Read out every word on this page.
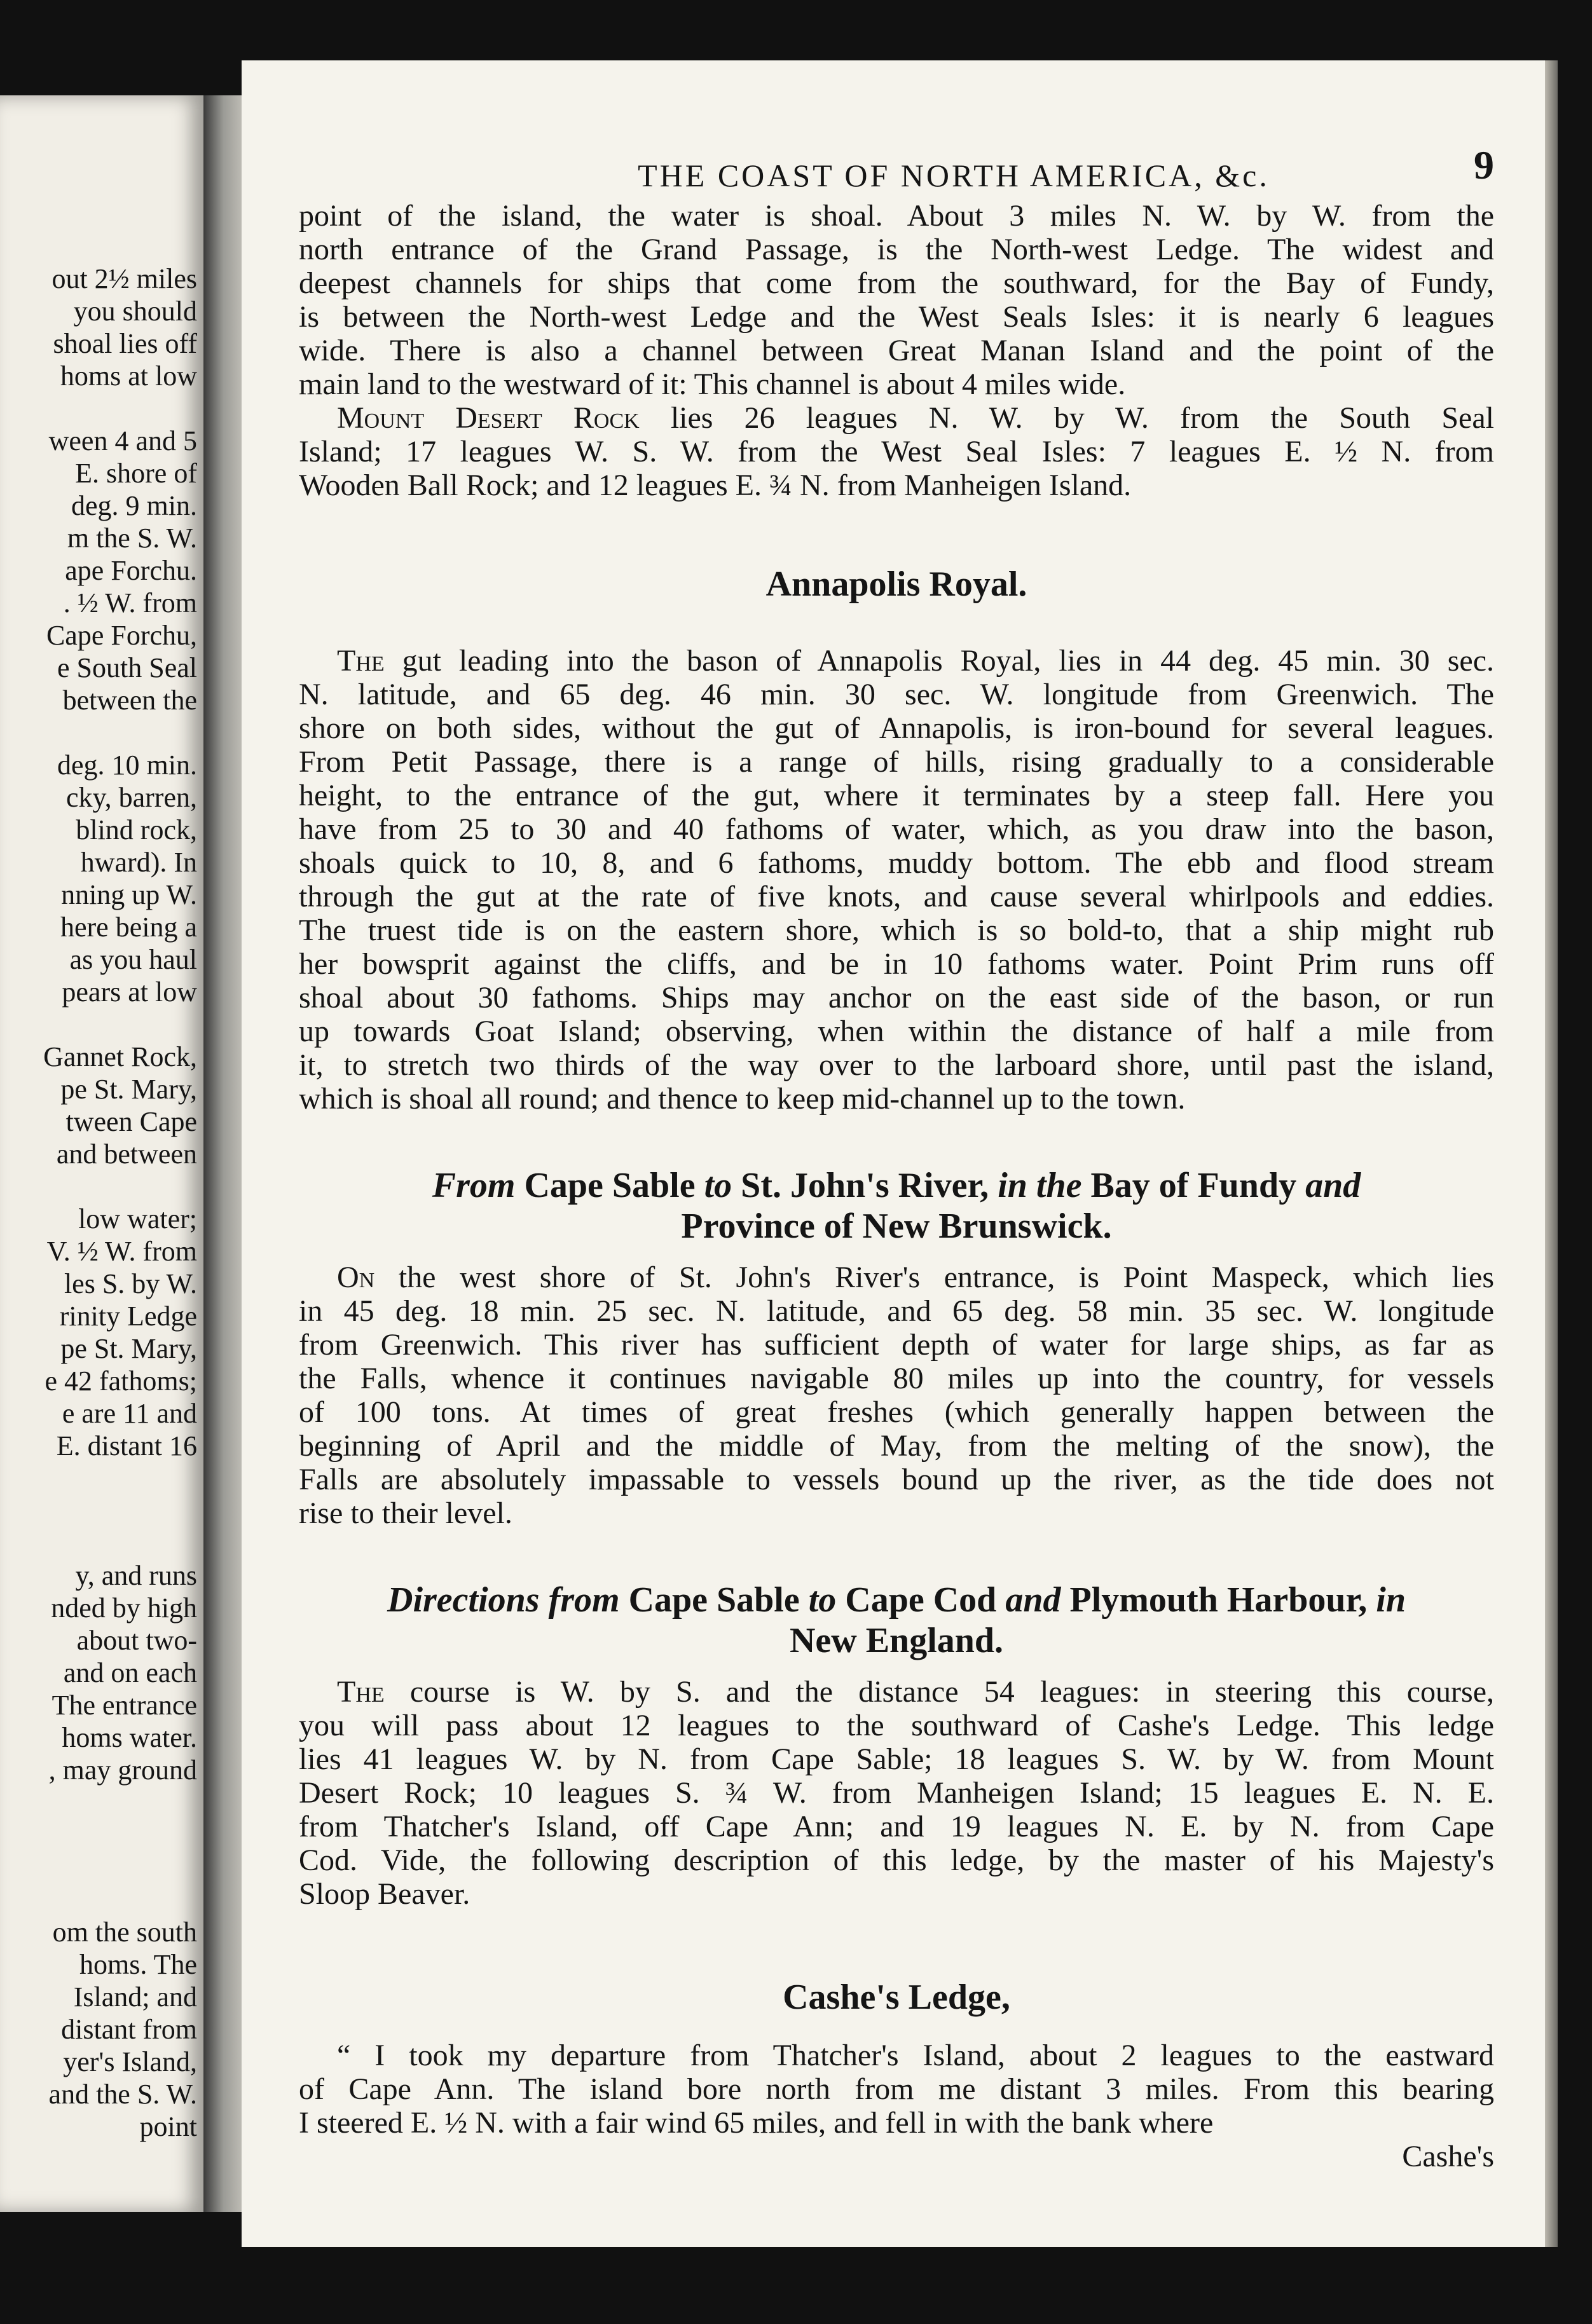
out 2½ miles
you should
shoal lies off
homs at low
ween 4 and 5
E. shore of
deg. 9 min.
m the S. W.
ape Forchu.
. ½ W. from
Cape Forchu,
e South Seal
between the
deg. 10 min.
cky, barren,
blind rock,
hward). In
nning up W.
here being a
as you haul
pears at low
Gannet Rock,
pe St. Mary,
tween Cape
and between
low water;
V. ½ W. from
les S. by W.
rinity Ledge
pe St. Mary,
e 42 fathoms;
e are 11 and
E. distant 16
y, and runs
nded by high
about two-
and on each
The entrance
homs water.
, may ground
om the south
homs. The
Island; and
distant from
yer's Island,
and the S. W.
point
THE COAST OF NORTH AMERICA, &c.	9
point of the island, the water is shoal. About 3 miles N. W. by W. from the
north entrance of the Grand Passage, is the North-west Ledge. The widest and
deepest channels for ships that come from the southward, for the Bay of Fundy,
is between the North-west Ledge and the West Seals Isles: it is nearly 6 leagues
wide. There is also a channel between Great Manan Island and the point of the
main land to the westward of it: This channel is about 4 miles wide.
Mount Desert Rock lies 26 leagues N. W. by W. from the South Seal
Island; 17 leagues W. S. W. from the West Seal Isles: 7 leagues E. ½ N. from
Wooden Ball Rock; and 12 leagues E. ¾ N. from Manheigen Island.
Annapolis Royal.
The gut leading into the bason of Annapolis Royal, lies in 44 deg. 45 min. 30 sec.
N. latitude, and 65 deg. 46 min. 30 sec. W. longitude from Greenwich. The
shore on both sides, without the gut of Annapolis, is iron-bound for several leagues.
From Petit Passage, there is a range of hills, rising gradually to a considerable
height, to the entrance of the gut, where it terminates by a steep fall. Here you
have from 25 to 30 and 40 fathoms of water, which, as you draw into the bason,
shoals quick to 10, 8, and 6 fathoms, muddy bottom. The ebb and flood stream
through the gut at the rate of five knots, and cause several whirlpools and eddies.
The truest tide is on the eastern shore, which is so bold-to, that a ship might rub
her bowsprit against the cliffs, and be in 10 fathoms water. Point Prim runs off
shoal about 30 fathoms. Ships may anchor on the east side of the bason, or run
up towards Goat Island; observing, when within the distance of half a mile from
it, to stretch two thirds of the way over to the larboard shore, until past the island,
which is shoal all round; and thence to keep mid-channel up to the town.
From Cape Sable to St. John's River, in the Bay of Fundy and
Province of New Brunswick.
On the west shore of St. John's River's entrance, is Point Maspeck, which lies
in 45 deg. 18 min. 25 sec. N. latitude, and 65 deg. 58 min. 35 sec. W. longitude
from Greenwich. This river has sufficient depth of water for large ships, as far as
the Falls, whence it continues navigable 80 miles up into the country, for vessels
of 100 tons. At times of great freshes (which generally happen between the
beginning of April and the middle of May, from the melting of the snow), the
Falls are absolutely impassable to vessels bound up the river, as the tide does not
rise to their level.
Directions from Cape Sable to Cape Cod and Plymouth Harbour, in
New England.
The course is W. by S. and the distance 54 leagues: in steering this course,
you will pass about 12 leagues to the southward of Cashe's Ledge. This ledge
lies 41 leagues W. by N. from Cape Sable; 18 leagues S. W. by W. from Mount
Desert Rock; 10 leagues S. ¾ W. from Manheigen Island; 15 leagues E. N. E.
from Thatcher's Island, off Cape Ann; and 19 leagues N. E. by N. from Cape
Cod. Vide, the following description of this ledge, by the master of his Majesty's
Sloop Beaver.
Cashe's Ledge,
“ I took my departure from Thatcher's Island, about 2 leagues to the eastward
of Cape Ann. The island bore north from me distant 3 miles. From this bearing
I steered E. ½ N. with a fair wind 65 miles, and fell in with the bank where
Cashe's
